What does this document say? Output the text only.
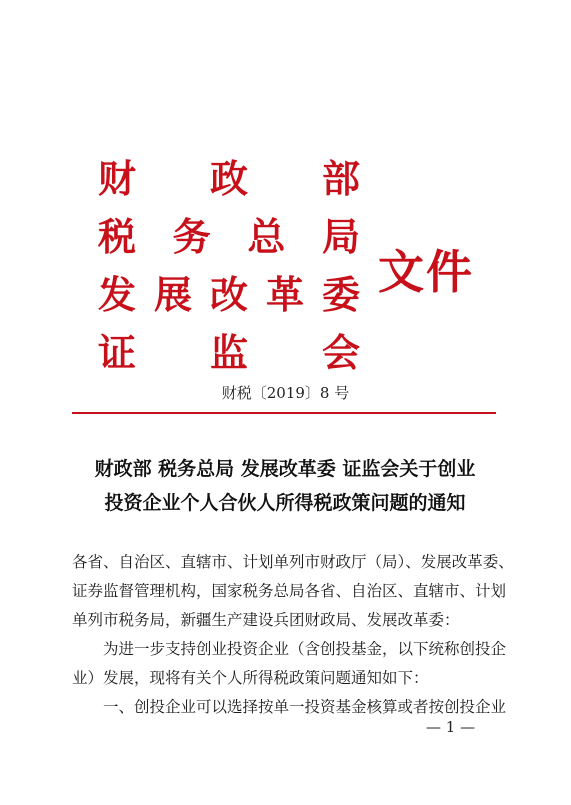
财 政 部
税 务 总 局
发 展 改 革 委
证 监 会
文件
财税〔2019〕8 号
财政部 税务总局 发展改革委 证监会关于创业
投资企业个人合伙人所得税政策问题的通知
各省、自治区、直辖市、计划单列市财政厅（局）、发展改革委、
证券监督管理机构，国家税务总局各省、自治区、直辖市、计划
单列市税务局，新疆生产建设兵团财政局、发展改革委：
为进一步支持创业投资企业（含创投基金，以下统称创投企
业）发展，现将有关个人所得税政策问题通知如下：
一、创投企业可以选择按单一投资基金核算或者按创投企业
— 1 —
